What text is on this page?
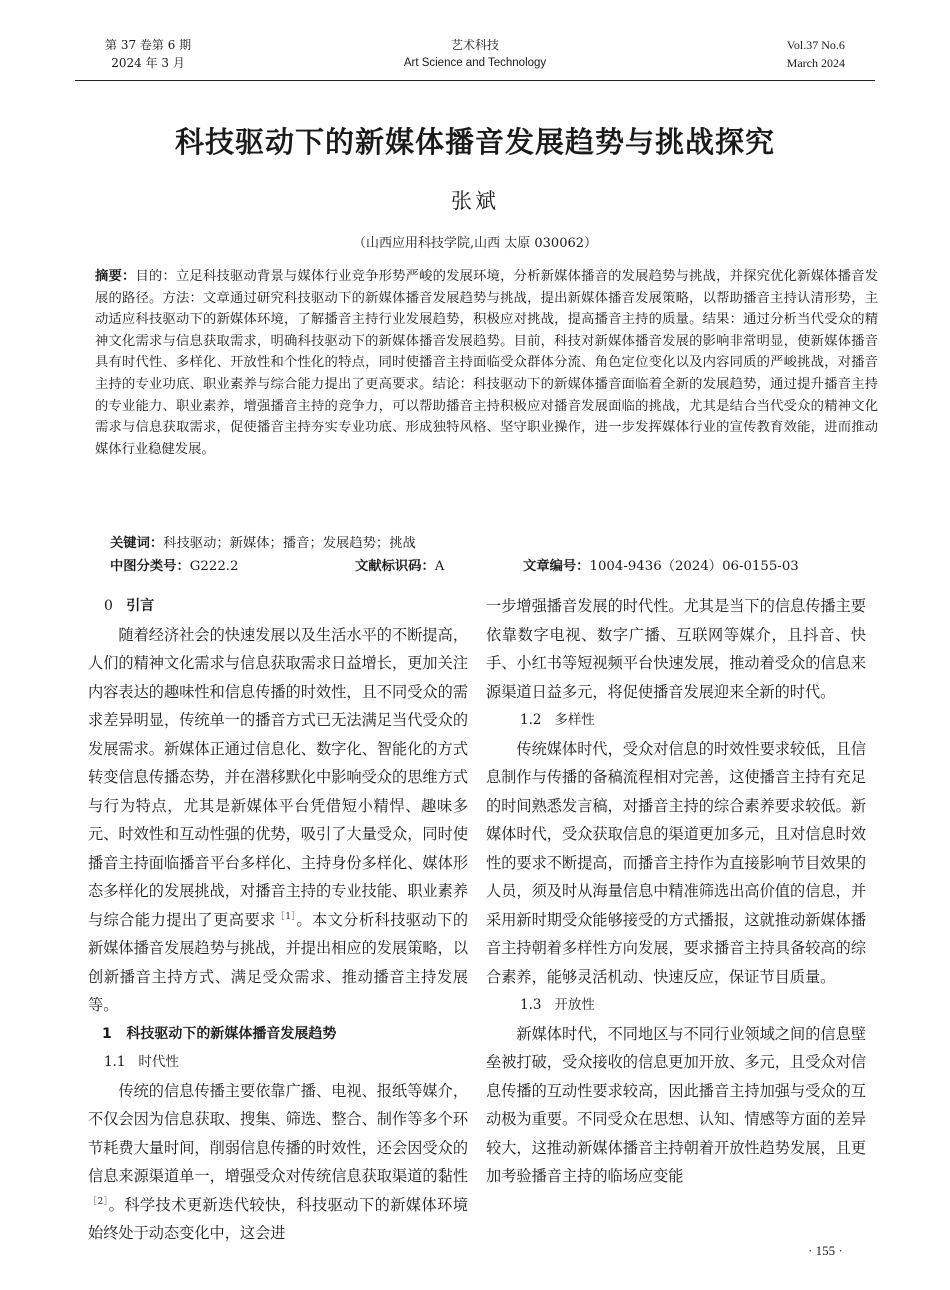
第 37 卷第 6 期
2024 年 3 月
艺术科技
Art Science and Technology
Vol.37 No.6
March 2024
科技驱动下的新媒体播音发展趋势与挑战探究
张斌
（山西应用科技学院,山西 太原 030062）
摘要：目的：立足科技驱动背景与媒体行业竞争形势严峻的发展环境，分析新媒体播音的发展趋势与挑战，并探究优化新媒体播音发展的路径。方法：文章通过研究科技驱动下的新媒体播音发展趋势与挑战，提出新媒体播音发展策略，以帮助播音主持认清形势，主动适应科技驱动下的新媒体环境，了解播音主持行业发展趋势，积极应对挑战，提高播音主持的质量。结果：通过分析当代受众的精神文化需求与信息获取需求，明确科技驱动下的新媒体播音发展趋势。目前，科技对新媒体播音发展的影响非常明显，使新媒体播音具有时代性、多样化、开放性和个性化的特点，同时使播音主持面临受众群体分流、角色定位变化以及内容同质的严峻挑战，对播音主持的专业功底、职业素养与综合能力提出了更高要求。结论：科技驱动下的新媒体播音面临着全新的发展趋势，通过提升播音主持的专业能力、职业素养，增强播音主持的竞争力，可以帮助播音主持积极应对播音发展面临的挑战，尤其是结合当代受众的精神文化需求与信息获取需求，促使播音主持夯实专业功底、形成独特风格、坚守职业操作，进一步发挥媒体行业的宣传教育效能，进而推动媒体行业稳健发展。
关键词：科技驱动；新媒体；播音；发展趋势；挑战
中图分类号：G222.2	文献标识码：A	文章编号：1004-9436（2024）06-0155-03
0 引言

随着经济社会的快速发展以及生活水平的不断提高，人们的精神文化需求与信息获取需求日益增长，更加关注内容表达的趣味性和信息传播的时效性，且不同受众的需求差异明显，传统单一的播音方式已无法满足当代受众的发展需求。新媒体正通过信息化、数字化、智能化的方式转变信息传播态势，并在潜移默化中影响受众的思维方式与行为特点，尤其是新媒体平台凭借短小精悍、趣味多元、时效性和互动性强的优势，吸引了大量受众，同时使播音主持面临播音平台多样化、主持身份多样化、媒体形态多样化的发展挑战，对播音主持的专业技能、职业素养与综合能力提出了更高要求$^{[1]}$。本文分析科技驱动下的新媒体播音发展趋势与挑战，并提出相应的发展策略，以创新播音主持方式、满足受众需求、推动播音主持发展等。

1 科技驱动下的新媒体播音发展趋势
1.1 时代性

传统的信息传播主要依靠广播、电视、报纸等媒介，不仅会因为信息获取、搜集、筛选、整合、制作等多个环节耗费大量时间，削弱信息传播的时效性，还会因受众的信息来源渠道单一，增强受众对传统信息获取渠道的黏性$^{[2]}$。科学技术更新迭代较快，科技驱动下的新媒体环境始终处于动态变化中，这会进

一步增强播音发展的时代性。尤其是当下的信息传播主要依靠数字电视、数字广播、互联网等媒介，且抖音、快手、小红书等短视频平台快速发展，推动着受众的信息来源渠道日益多元，将促使播音发展迎来全新的时代。

1.2 多样性

传统媒体时代，受众对信息的时效性要求较低，且信息制作与传播的备稿流程相对完善，这使播音主持有充足的时间熟悉发言稿，对播音主持的综合素养要求较低。新媒体时代，受众获取信息的渠道更加多元，且对信息时效性的要求不断提高，而播音主持作为直接影响节目效果的人员，须及时从海量信息中精准筛选出高价值的信息，并采用新时期受众能够接受的方式播报，这就推动新媒体播音主持朝着多样性方向发展，要求播音主持具备较高的综合素养，能够灵活机动、快速反应，保证节目质量。

1.3 开放性

新媒体时代，不同地区与不同行业领域之间的信息壁垒被打破，受众接收的信息更加开放、多元，且受众对信息传播的互动性要求较高，因此播音主持加强与受众的互动极为重要。不同受众在思想、认知、情感等方面的差异较大，这推动新媒体播音主持朝着开放性趋势发展，且更加考验播音主持的临场应变能

· 155 ·
